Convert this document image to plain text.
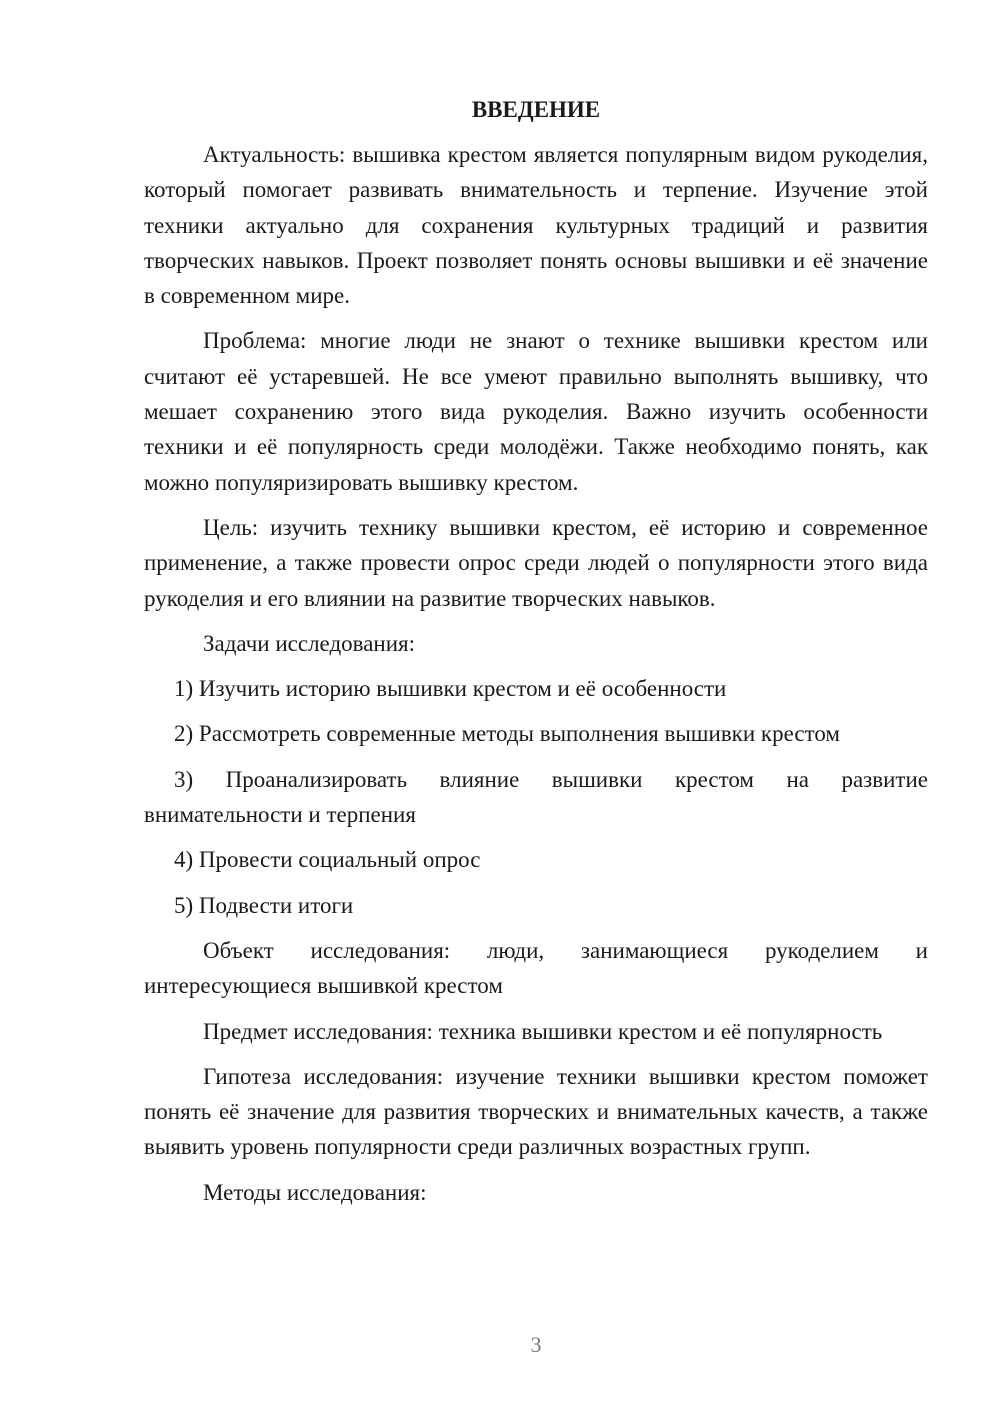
ВВЕДЕНИЕ

Актуальность: вышивка крестом является популярным видом рукоделия, который помогает развивать внимательность и терпение. Изучение этой техники актуально для сохранения культурных традиций и развития творческих навыков. Проект позволяет понять основы вышивки и её значение в современном мире.

Проблема: многие люди не знают о технике вышивки крестом или считают её устаревшей. Не все умеют правильно выполнять вышивку, что мешает сохранению этого вида рукоделия. Важно изучить особенности техники и её популярность среди молодёжи. Также необходимо понять, как можно популяризировать вышивку крестом.

Цель: изучить технику вышивки крестом, её историю и современное применение, а также провести опрос среди людей о популярности этого вида рукоделия и его влиянии на развитие творческих навыков.

Задачи исследования:

1) Изучить историю вышивки крестом и её особенности

2) Рассмотреть современные методы выполнения вышивки крестом

3) Проанализировать влияние вышивки крестом на развитие внимательности и терпения

4) Провести социальный опрос

5) Подвести итоги

Объект исследования: люди, занимающиеся рукоделием и интересующиеся вышивкой крестом

Предмет исследования: техника вышивки крестом и её популярность

Гипотеза исследования: изучение техники вышивки крестом поможет понять её значение для развития творческих и внимательных качеств, а также выявить уровень популярности среди различных возрастных групп.

Методы исследования:

3
